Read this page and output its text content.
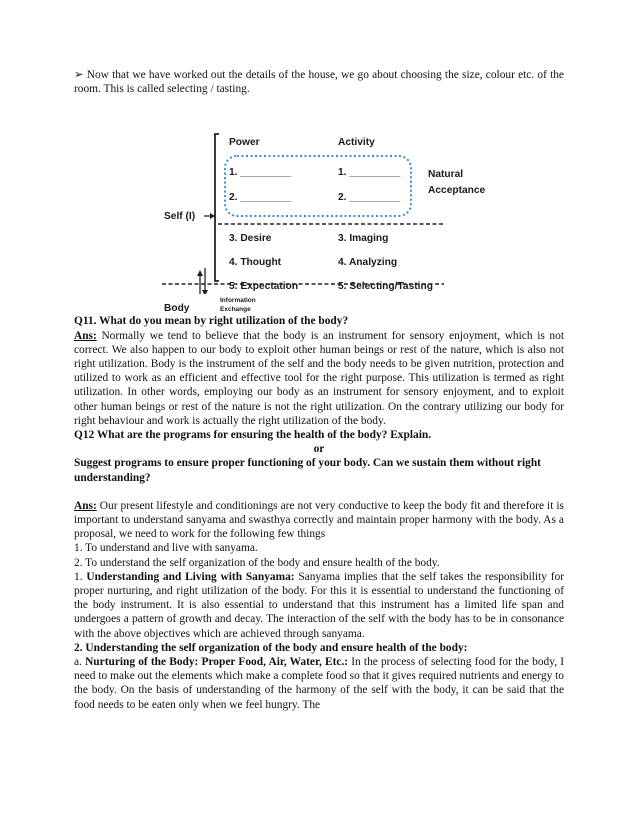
➢ Now that we have worked out the details of the house, we go about choosing the size, colour etc. of the room. This is called selecting / tasting.

Power	Activity
1. _________	1. _________
2. _________	2. _________
Natural
Acceptance
Self (I)
3. Desire	3. Imaging
4. Thought	4. Analyzing
5. Expectation	5. Selecting/Tasting
Information
Exchange
Body

Q11. What do you mean by right utilization of the body?

Ans: Normally we tend to believe that the body is an instrument for sensory enjoyment, which is not correct. We also happen to our body to exploit other human beings or rest of the nature, which is also not right utilization. Body is the instrument of the self and the body needs to be given nutrition, protection and utilized to work as an efficient and effective tool for the right purpose. This utilization is termed as right utilization. In other words, employing our body as an instrument for sensory enjoyment, and to exploit other human beings or rest of the nature is not the right utilization. On the contrary utilizing our body for right behaviour and work is actually the right utilization of the body.

Q12 What are the programs for ensuring the health of the body? Explain.

or

Suggest programs to ensure proper functioning of your body. Can we sustain them without right understanding?

Ans: Our present lifestyle and conditionings are not very conductive to keep the body fit and therefore it is important to understand sanyama and swasthya correctly and maintain proper harmony with the body. As a proposal, we need to work for the following few things

1. To understand and live with sanyama.
2. To understand the self organization of the body and ensure health of the body.

1. Understanding and Living with Sanyama: Sanyama implies that the self takes the responsibility for proper nurturing, and right utilization of the body. For this it is essential to understand the functioning of the body instrument. It is also essential to understand that this instrument has a limited life span and undergoes a pattern of growth and decay. The interaction of the self with the body has to be in consonance with the above objectives which are achieved through sanyama.

2. Understanding the self organization of the body and ensure health of the body:

a. Nurturing of the Body: Proper Food, Air, Water, Etc.: In the process of selecting food for the body, I need to make out the elements which make a complete food so that it gives required nutrients and energy to the body. On the basis of understanding of the harmony of the self with the body, it can be said that the food needs to be eaten only when we feel hungry. The
